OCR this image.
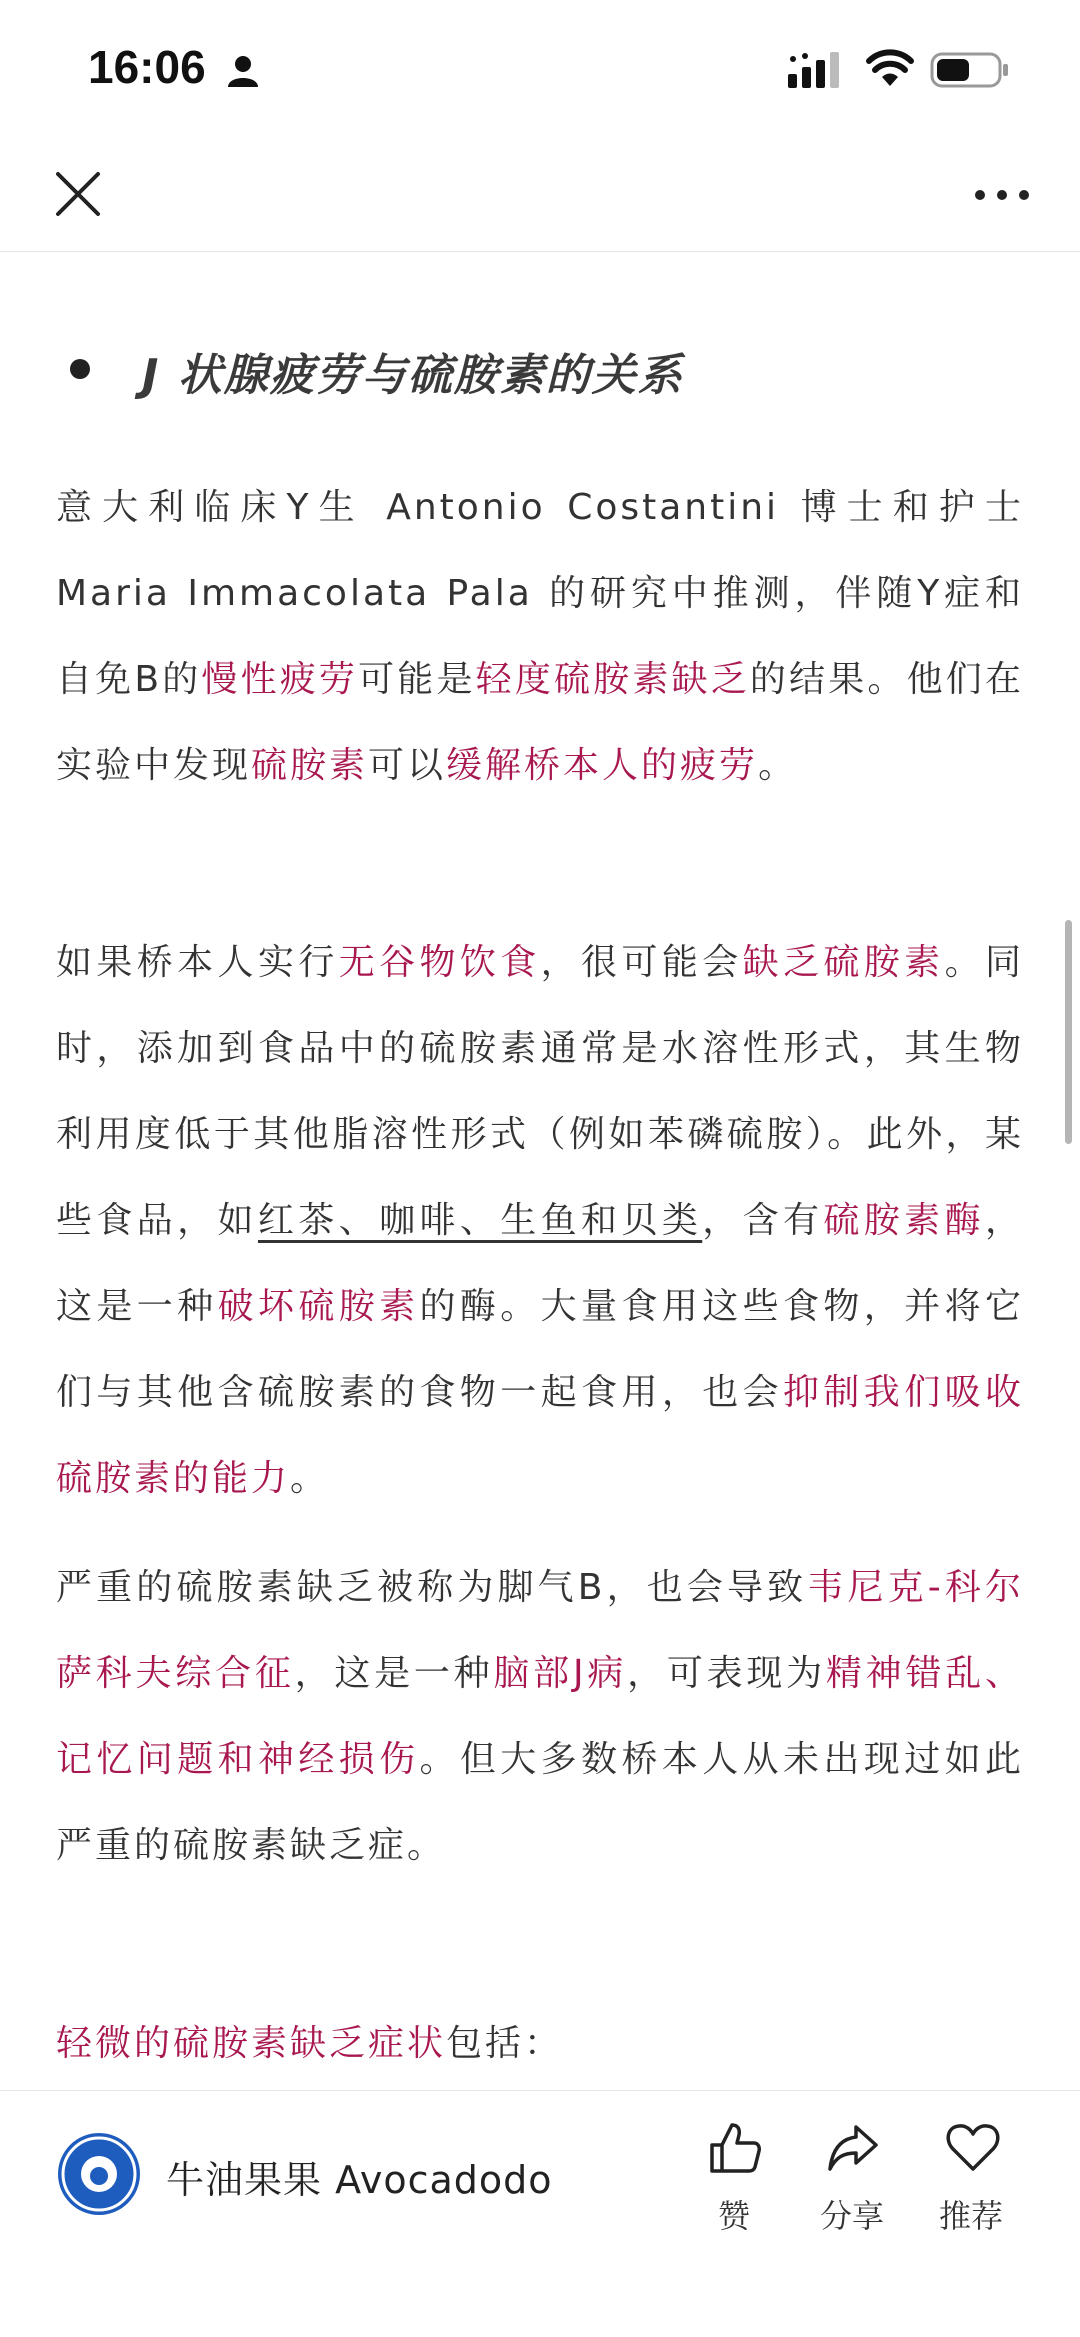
16:06
J 状腺疲劳与硫胺素的关系

意大利临床Y生 Antonio Costantini 博士和护士 Maria Immacolata Pala 的研究中推测，伴随Y症和自免B的慢性疲劳可能是轻度硫胺素缺乏的结果。他们在实验中发现硫胺素可以缓解桥本人的疲劳。

如果桥本人实行无谷物饮食，很可能会缺乏硫胺素。同时，添加到食品中的硫胺素通常是水溶性形式，其生物利用度低于其他脂溶性形式（例如苯磷硫胺）。此外，某些食品，如红茶、咖啡、生鱼和贝类，含有硫胺素酶，这是一种破坏硫胺素的酶。大量食用这些食物，并将它们与其他含硫胺素的食物一起食用，也会抑制我们吸收硫胺素的能力。

严重的硫胺素缺乏被称为脚气B，也会导致韦尼克-科尔萨科夫综合征，这是一种脑部J病，可表现为精神错乱、记忆问题和神经损伤。但大多数桥本人从未出现过如此严重的硫胺素缺乏症。

轻微的硫胺素缺乏症状包括：

牛油果果 Avocadodo
赞	分享	推荐
